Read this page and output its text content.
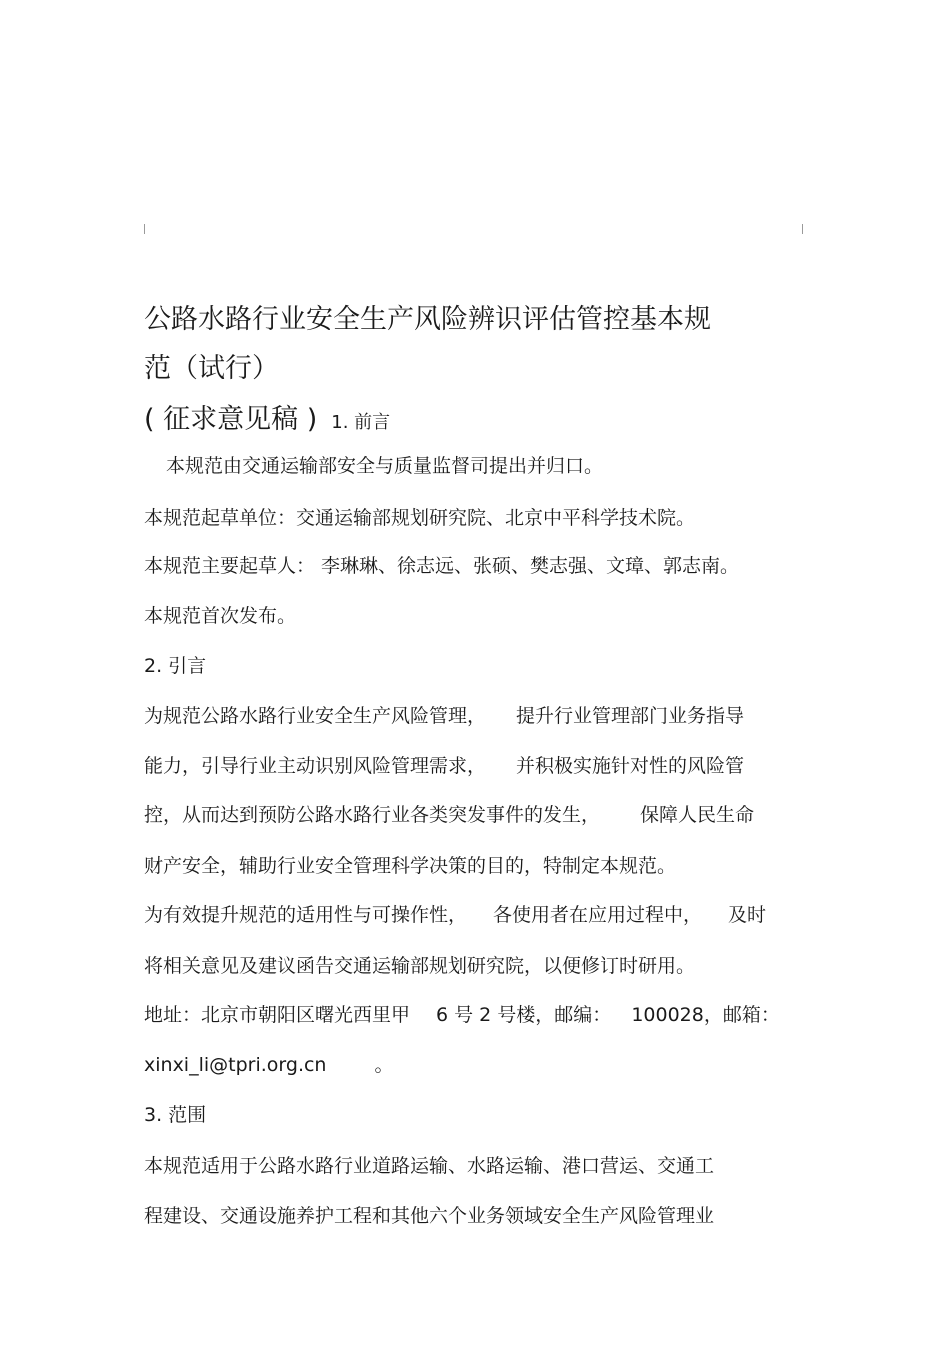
公路水路行业安全生产风险辨识评估管控基本规
范（试行）
( 征求意见稿 ) 1. 前言
本规范由交通运输部安全与质量监督司提出并归口。
本规范起草单位：交通运输部规划研究院、北京中平科学技术院。
本规范主要起草人： 李琳琳、徐志远、张硕、樊志强、文璋、郭志南。
本规范首次发布。
2. 引言
为规范公路水路行业安全生产风险管理， 提升行业管理部门业务指导
能力，引导行业主动识别风险管理需求， 并积极实施针对性的风险管
控，从而达到预防公路水路行业各类突发事件的发生， 保障人民生命
财产安全，辅助行业安全管理科学决策的目的，特制定本规范。
为有效提升规范的适用性与可操作性， 各使用者在应用过程中， 及时
将相关意见及建议函告交通运输部规划研究院，以便修订时研用。
地址：北京市朝阳区曙光西里甲 6 号 2 号楼，邮编： 100028，邮箱：
xinxi_li@tpri.org.cn	。
3. 范围
本规范适用于公路水路行业道路运输、水路运输、港口营运、交通工
程建设、交通设施养护工程和其他六个业务领域安全生产风险管理业
